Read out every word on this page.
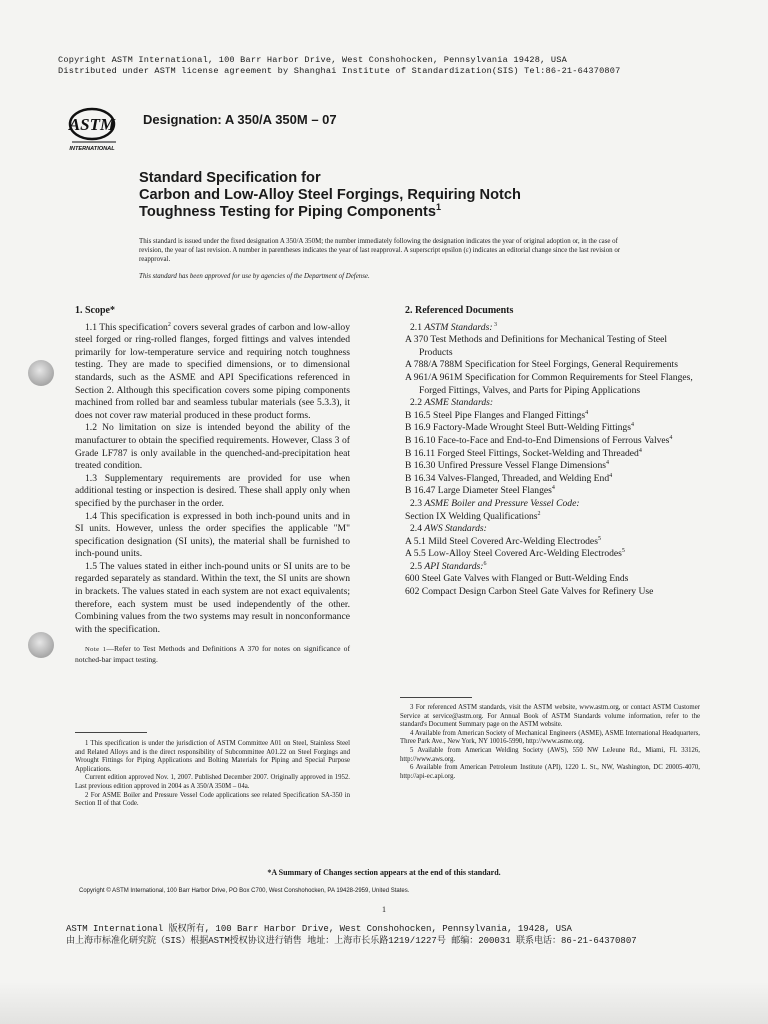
Copyright ASTM International, 100 Barr Harbor Drive, West Conshohocken, Pennsylvania 19428, USA
Distributed under ASTM license agreement by Shanghai Institute of Standardization(SIS) Tel:86-21-64370807
ASTM
INTERNATIONAL
Designation: A 350/A 350M – 07
Standard Specification for
Carbon and Low-Alloy Steel Forgings, Requiring Notch
Toughness Testing for Piping Components$^1$
This standard is issued under the fixed designation A 350/A 350M; the number immediately following the designation indicates the year of original adoption or, in the case of revision, the year of last revision. A number in parentheses indicates the year of last reapproval. A superscript epsilon (ε) indicates an editorial change since the last revision or reapproval.
This standard has been approved for use by agencies of the Department of Defense.
1. Scope*

1.1 This specification$^2$ covers several grades of carbon and low-alloy steel forged or ring-rolled flanges, forged fittings and valves intended primarily for low-temperature service and requiring notch toughness testing. They are made to specified dimensions, or to dimensional standards, such as the ASME and API Specifications referenced in Section 2. Although this specification covers some piping components machined from rolled bar and seamless tubular materials (see 5.3.3), it does not cover raw material produced in these product forms.

1.2 No limitation on size is intended beyond the ability of the manufacturer to obtain the specified requirements. However, Class 3 of Grade LF787 is only available in the quenched-and-precipitation heat treated condition.

1.3 Supplementary requirements are provided for use when additional testing or inspection is desired. These shall apply only when specified by the purchaser in the order.

1.4 This specification is expressed in both inch-pound units and in SI units. However, unless the order specifies the applicable "M" specification designation (SI units), the material shall be furnished to inch-pound units.

1.5 The values stated in either inch-pound units or SI units are to be regarded separately as standard. Within the text, the SI units are shown in brackets. The values stated in each system are not exact equivalents; therefore, each system must be used independently of the other. Combining values from the two systems may result in nonconformance with the specification.

Note 1—Refer to Test Methods and Definitions A 370 for notes on significance of notched-bar impact testing.

1 This specification is under the jurisdiction of ASTM Committee A01 on Steel, Stainless Steel and Related Alloys and is the direct responsibility of Subcommittee A01.22 on Steel Forgings and Wrought Fittings for Piping Applications and Bolting Materials for Piping and Special Purpose Applications.

Current edition approved Nov. 1, 2007. Published December 2007. Originally approved in 1952. Last previous edition approved in 2004 as A 350/A 350M – 04a.

2 For ASME Boiler and Pressure Vessel Code applications see related Specification SA-350 in Section II of that Code.

2. Referenced Documents

2.1 ASTM Standards: $^3$

A 370 Test Methods and Definitions for Mechanical Testing of Steel Products

A 788/A 788M Specification for Steel Forgings, General Requirements

A 961/A 961M Specification for Common Requirements for Steel Flanges, Forged Fittings, Valves, and Parts for Piping Applications

2.2 ASME Standards:

B 16.5 Steel Pipe Flanges and Flanged Fittings$^4$

B 16.9 Factory-Made Wrought Steel Butt-Welding Fittings$^4$

B 16.10 Face-to-Face and End-to-End Dimensions of Ferrous Valves$^4$

B 16.11 Forged Steel Fittings, Socket-Welding and Threaded$^4$

B 16.30 Unfired Pressure Vessel Flange Dimensions$^4$

B 16.34 Valves-Flanged, Threaded, and Welding End$^4$

B 16.47 Large Diameter Steel Flanges$^4$

2.3 ASME Boiler and Pressure Vessel Code:

Section IX Welding Qualifications$^2$

2.4 AWS Standards:

A 5.1 Mild Steel Covered Arc-Welding Electrodes$^5$

A 5.5 Low-Alloy Steel Covered Arc-Welding Electrodes$^5$

2.5 API Standards:$^6$

600 Steel Gate Valves with Flanged or Butt-Welding Ends

602 Compact Design Carbon Steel Gate Valves for Refinery Use

3 For referenced ASTM standards, visit the ASTM website, www.astm.org, or contact ASTM Customer Service at service@astm.org. For Annual Book of ASTM Standards volume information, refer to the standard's Document Summary page on the ASTM website.

4 Available from American Society of Mechanical Engineers (ASME), ASME International Headquarters, Three Park Ave., New York, NY 10016-5990, http://www.asme.org.

5 Available from American Welding Society (AWS), 550 NW LeJeune Rd., Miami, FL 33126, http://www.aws.org.

6 Available from American Petroleum Institute (API), 1220 L. St., NW, Washington, DC 20005-4070, http://api-ec.api.org.

*A Summary of Changes section appears at the end of this standard.
Copyright © ASTM International, 100 Barr Harbor Drive, PO Box C700, West Conshohocken, PA 19428-2959, United States.
1
ASTM International 版权所有, 100 Barr Harbor Drive, West Conshohocken, Pennsylvania, 19428, USA
由上海市标准化研究院（SIS）根据ASTM授权协议进行销售 地址：上海市长乐路1219/1227号 邮编：200031 联系电话：86-21-64370807
